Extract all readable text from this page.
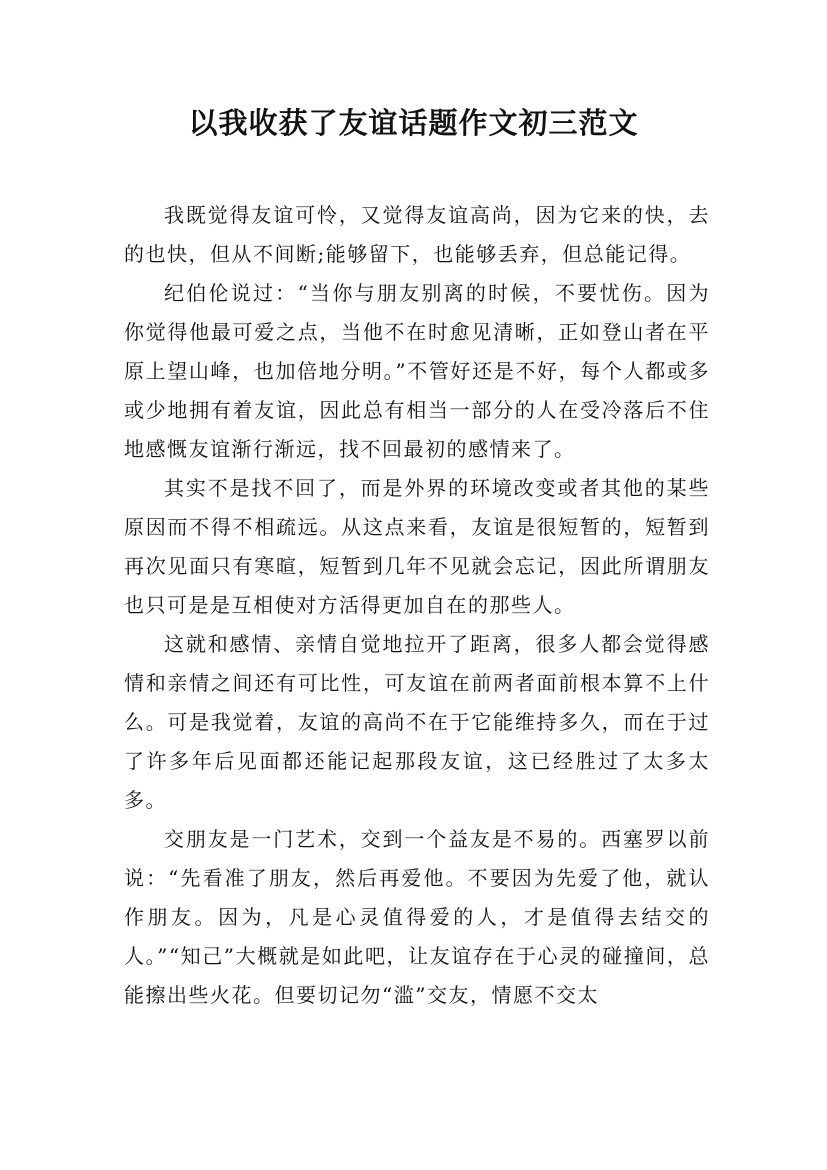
以我收获了友谊话题作文初三范文

我既觉得友谊可怜，又觉得友谊高尚，因为它来的快，去的也快，但从不间断;能够留下，也能够丢弃，但总能记得。

纪伯伦说过：“当你与朋友别离的时候，不要忧伤。因为你觉得他最可爱之点，当他不在时愈见清晰，正如登山者在平原上望山峰，也加倍地分明。”不管好还是不好，每个人都或多或少地拥有着友谊，因此总有相当一部分的人在受冷落后不住地感慨友谊渐行渐远，找不回最初的感情来了。

其实不是找不回了，而是外界的环境改变或者其他的某些原因而不得不相疏远。从这点来看，友谊是很短暂的，短暂到再次见面只有寒暄，短暂到几年不见就会忘记，因此所谓朋友也只可是是互相使对方活得更加自在的那些人。

这就和感情、亲情自觉地拉开了距离，很多人都会觉得感情和亲情之间还有可比性，可友谊在前两者面前根本算不上什么。可是我觉着，友谊的高尚不在于它能维持多久，而在于过了许多年后见面都还能记起那段友谊，这已经胜过了太多太多。

交朋友是一门艺术，交到一个益友是不易的。西塞罗以前说：“先看准了朋友，然后再爱他。不要因为先爱了他，就认作朋友。因为，凡是心灵值得爱的人，才是值得去结交的人。”“知己”大概就是如此吧，让友谊存在于心灵的碰撞间，总能擦出些火花。但要切记勿“滥”交友，情愿不交太
